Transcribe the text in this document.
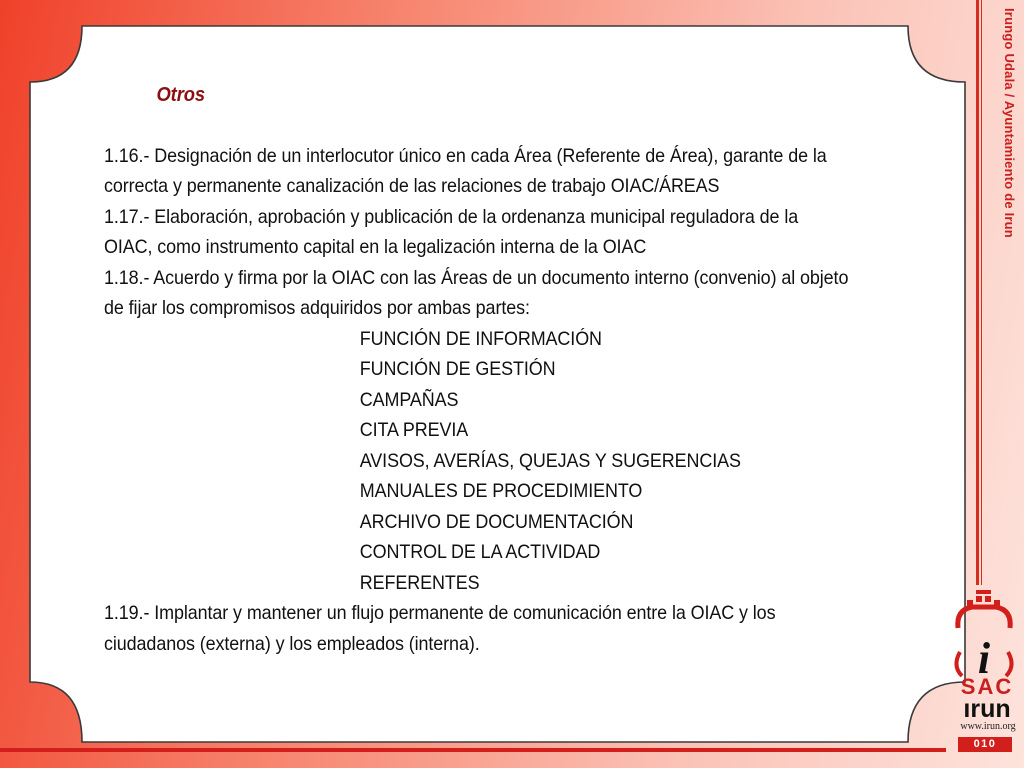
Irungo Udala / Ayuntamiento de Irun
Otros

1.16.- Designación de un interlocutor único en cada Área (Referente de Área), garante de la correcta y permanente canalización de las relaciones de trabajo OIAC/ÁREAS

1.17.- Elaboración, aprobación y publicación de la ordenanza municipal reguladora de la OIAC, como instrumento capital en la legalización interna de la OIAC

1.18.- Acuerdo y firma por la OIAC con las Áreas de un documento interno (convenio) al objeto de fijar los compromisos adquiridos por ambas partes:

FUNCIÓN DE INFORMACIÓN
FUNCIÓN DE GESTIÓN
CAMPAÑAS
CITA PREVIA
AVISOS, AVERÍAS, QUEJAS Y SUGERENCIAS
MANUALES DE PROCEDIMIENTO
ARCHIVO DE DOCUMENTACIÓN
CONTROL DE LA ACTIVIDAD
REFERENTES

1.19.- Implantar y mantener un flujo permanente de comunicación entre la OIAC y los ciudadanos (externa) y los empleados (interna).	i
SAC
ırun
www.irun.org
010
